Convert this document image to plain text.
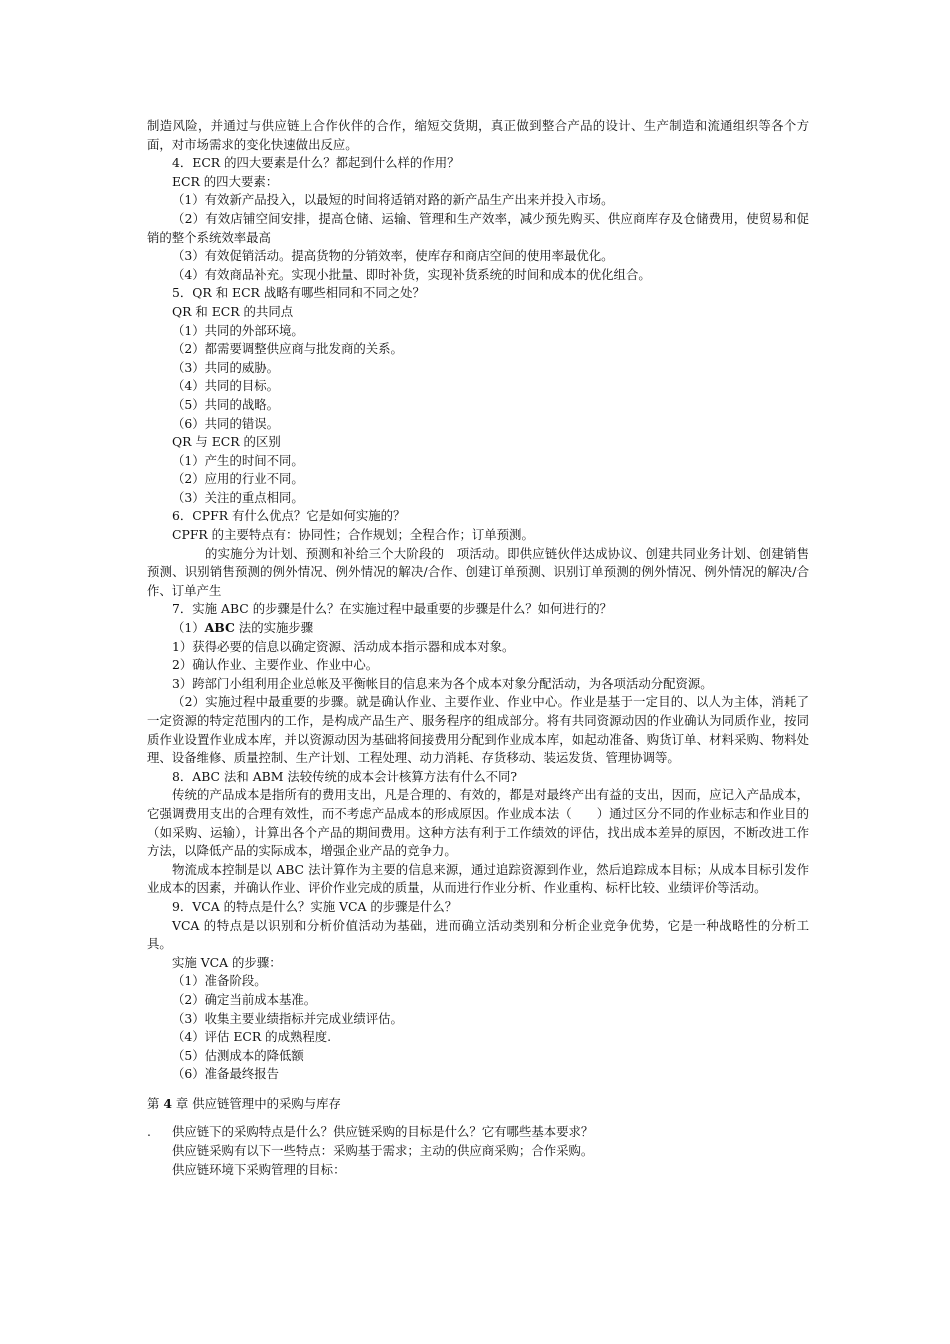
制造风险，并通过与供应链上合作伙伴的合作，缩短交货期，真正做到整合产品的设计、生产制造和流通组织等各个方面，对市场需求的变化快速做出反应。

4．ECR 的四大要素是什么？都起到什么样的作用？

ECR 的四大要素：

（1）有效新产品投入，以最短的时间将适销对路的新产品生产出来并投入市场。

（2）有效店铺空间安排，提高仓储、运输、管理和生产效率，减少预先购买、供应商库存及仓储费用，使贸易和促销的整个系统效率最高

（3）有效促销活动。提高货物的分销效率，使库存和商店空间的使用率最优化。

（4）有效商品补充。实现小批量、即时补货，实现补货系统的时间和成本的优化组合。

5．QR 和 ECR 战略有哪些相同和不同之处？

QR 和 ECR 的共同点

（1）共同的外部环境。

（2）都需要调整供应商与批发商的关系。

（3）共同的威胁。

（4）共同的目标。

（5）共同的战略。

（6）共同的错误。

QR 与 ECR 的区别

（1）产生的时间不同。

（2）应用的行业不同。

（3）关注的重点相同。

6．CPFR 有什么优点？它是如何实施的？

CPFR 的主要特点有：协同性；合作规划；全程合作；订单预测。

的实施分为计划、预测和补给三个大阶段的　项活动。即供应链伙伴达成协议、创建共同业务计划、创建销售预测、识别销售预测的例外情况、例外情况的解决/合作、创建订单预测、识别订单预测的例外情况、例外情况的解决/合作、订单产生

7．实施 ABC 的步骤是什么？在实施过程中最重要的步骤是什么？如何进行的？

（1）ABC 法的实施步骤

1）获得必要的信息以确定资源、活动成本指示器和成本对象。

2）确认作业、主要作业、作业中心。

3）跨部门小组利用企业总帐及平衡帐目的信息来为各个成本对象分配活动，为各项活动分配资源。

（2）实施过程中最重要的步骤。就是确认作业、主要作业、作业中心。作业是基于一定目的、以人为主体，消耗了一定资源的特定范围内的工作，是构成产品生产、服务程序的组成部分。将有共同资源动因的作业确认为同质作业，按同质作业设置作业成本库，并以资源动因为基础将间接费用分配到作业成本库，如起动准备、购货订单、材料采购、物料处理、设备维修、质量控制、生产计划、工程处理、动力消耗、存货移动、装运发货、管理协调等。

8．ABC 法和 ABM 法较传统的成本会计核算方法有什么不同?

传统的产品成本是指所有的费用支出，凡是合理的、有效的，都是对最终产出有益的支出，因而，应记入产品成本，它强调费用支出的合理有效性，而不考虑产品成本的形成原因。作业成本法（　　）通过区分不同的作业标志和作业目的（如采购、运输），计算出各个产品的期间费用。这种方法有利于工作绩效的评估，找出成本差异的原因，不断改进工作方法，以降低产品的实际成本，增强企业产品的竞争力。

物流成本控制是以 ABC 法计算作为主要的信息来源，通过追踪资源到作业，然后追踪成本目标；从成本目标引发作业成本的因素，并确认作业、评价作业完成的质量，从而进行作业分析、作业重构、标杆比较、业绩评价等活动。

9．VCA 的特点是什么？实施 VCA 的步骤是什么？

VCA 的特点是以识别和分析价值活动为基础，进而确立活动类别和分析企业竞争优势，它是一种战略性的分析工具。

实施 VCA 的步骤：

（1）准备阶段。

（2）确定当前成本基准。

（3）收集主要业绩指标并完成业绩评估。

（4）评估 ECR 的成熟程度.

（5）估测成本的降低额

（6）准备最终报告

第 4 章 供应链管理中的采购与库存

.	供应链下的采购特点是什么？供应链采购的目标是什么？它有哪些基本要求？

供应链采购有以下一些特点：采购基于需求；主动的供应商采购；合作采购。

供应链环境下采购管理的目标：
